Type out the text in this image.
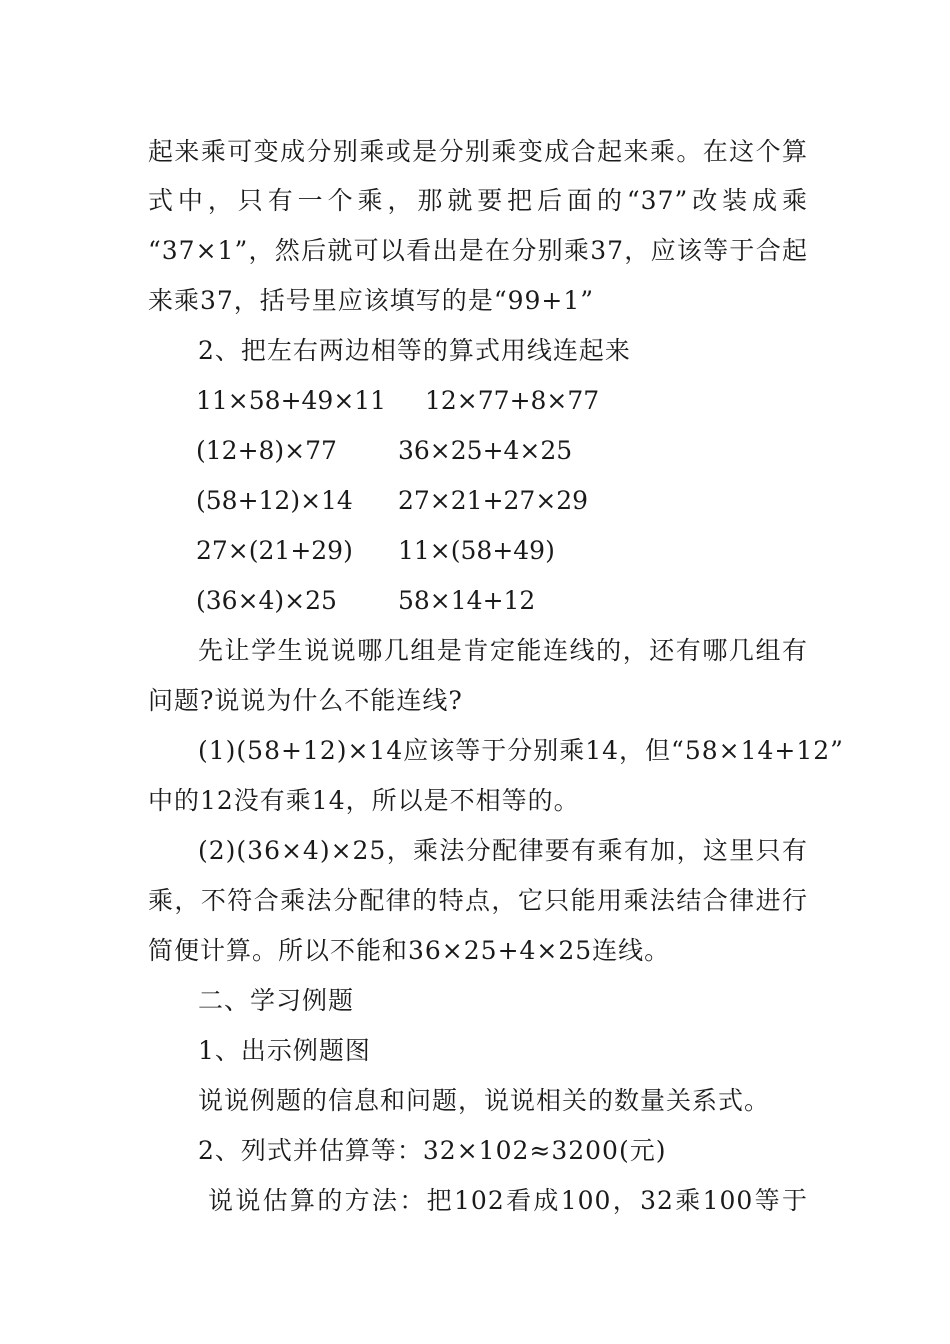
起来乘可变成分别乘或是分别乘变成合起来乘。在这个算
式中，只有一个乘，那就要把后面的“37”改装成乘
“37×1”，然后就可以看出是在分别乘37，应该等于合起
来乘37，括号里应该填写的是“99+1”
2、把左右两边相等的算式用线连起来
11×58+49×11 12×77+8×77
(12+8)×77 36×25+4×25
(58+12)×14 27×21+27×29
27×(21+29) 11×(58+49)
(36×4)×25 58×14+12
先让学生说说哪几组是肯定能连线的，还有哪几组有
问题?说说为什么不能连线?
(1)(58+12)×14应该等于分别乘14，但“58×14+12”
中的12没有乘14，所以是不相等的。
(2)(36×4)×25，乘法分配律要有乘有加，这里只有
乘，不符合乘法分配律的特点，它只能用乘法结合律进行
简便计算。所以不能和36×25+4×25连线。
二、学习例题
1、出示例题图
说说例题的信息和问题，说说相关的数量关系式。
2、列式并估算等：32×102≈3200(元)
说说估算的方法：把102看成100，32乘100等于
